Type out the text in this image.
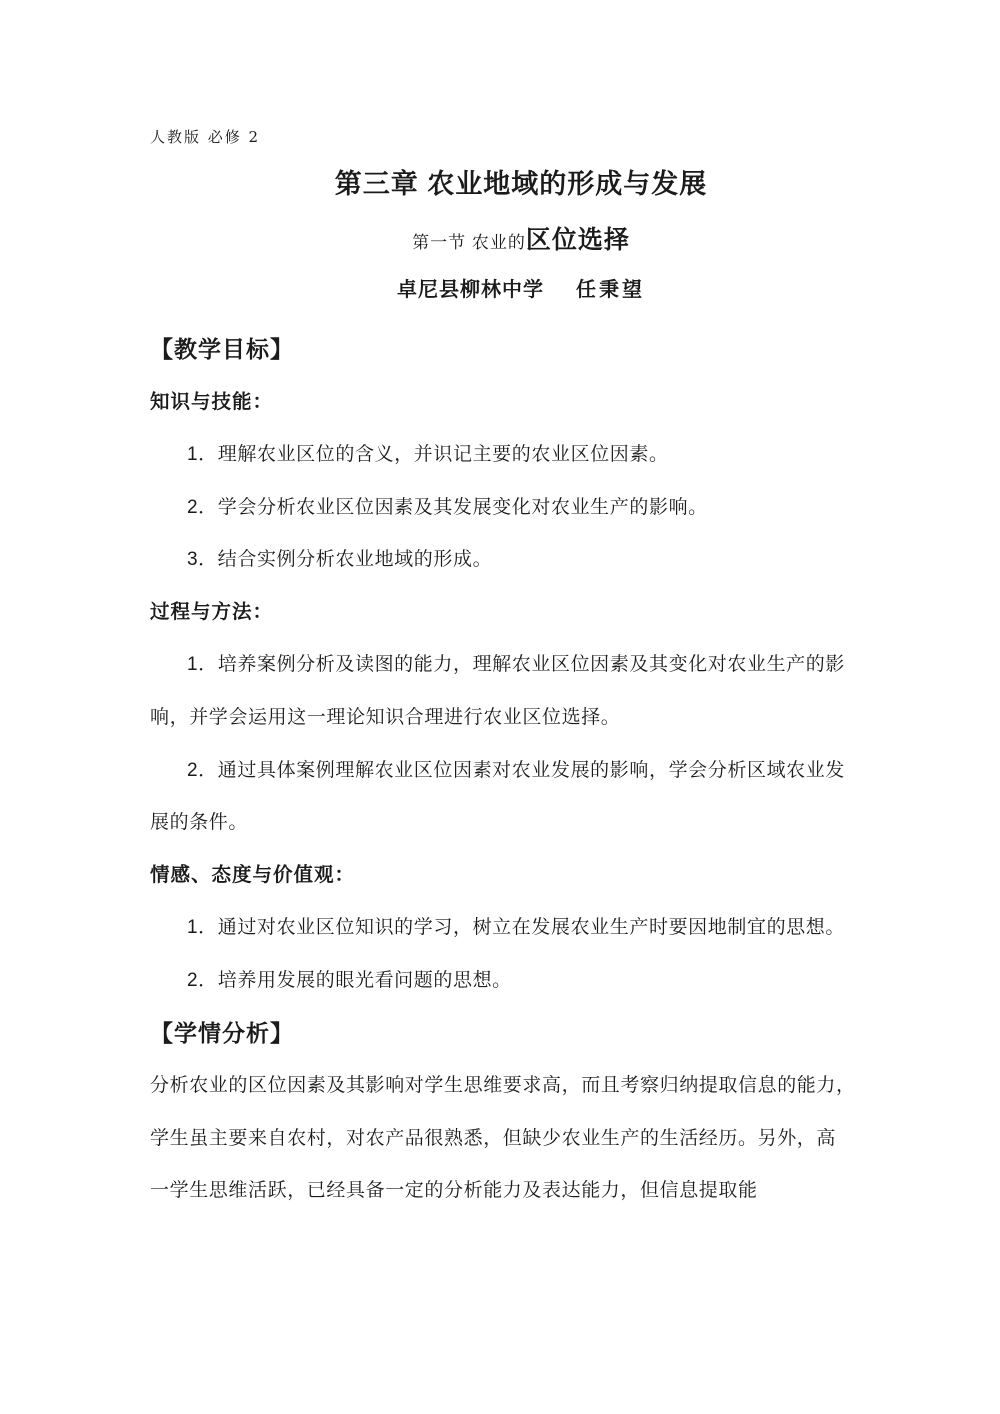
人教版 必修 2
第三章 农业地域的形成与发展
第一节 农业的区位选择
卓尼县柳林中学 任秉望
【教学目标】
知识与技能：
1．理解农业区位的含义，并识记主要的农业区位因素。
2．学会分析农业区位因素及其发展变化对农业生产的影响。
3．结合实例分析农业地域的形成。
过程与方法：
1．培养案例分析及读图的能力，理解农业区位因素及其变化对农业生产的影
响，并学会运用这一理论知识合理进行农业区位选择。
2．通过具体案例理解农业区位因素对农业发展的影响，学会分析区域农业发
展的条件。
情感、态度与价值观：
1．通过对农业区位知识的学习，树立在发展农业生产时要因地制宜的思想。
2．培养用发展的眼光看问题的思想。
【学情分析】
分析农业的区位因素及其影响对学生思维要求高，而且考察归纳提取信息的能力，
学生虽主要来自农村，对农产品很熟悉，但缺少农业生产的生活经历。另外，高
一学生思维活跃，已经具备一定的分析能力及表达能力，但信息提取能
